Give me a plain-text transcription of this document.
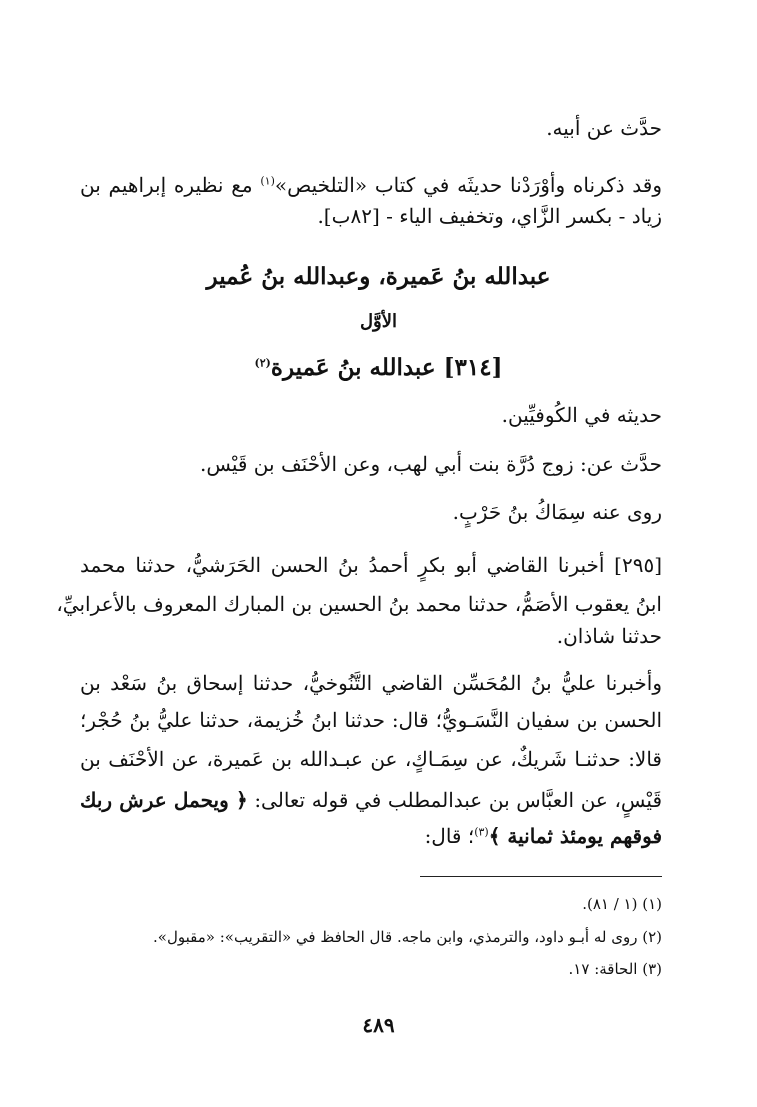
حدَّث عن أبيه.
وقد ذكرناه وأوْرَدْنا حديثَه في كتاب «التلخيص»$^{(١)}$ مع نظيره إبراهيم بن
زياد - بكسر الزَّاي، وتخفيف الياء - [٨٢ب].
عبدالله بنُ عَميرة، وعبدالله بنُ عُمير
الأوَّل
[٣١٤] عبدالله بنُ عَميرة$^{(٢)}$
حديثه في الكُوفيِّين.
حدَّث عن: زوج دُرَّة بنت أبي لهب، وعن الأحْنَف بن قَيْس.
روى عنه سِمَاكُ بنُ حَرْبٍ.
[٢٩٥] أخبرنا القاضي أبو بكرٍ أحمدُ بنُ الحسن الحَرَشيُّ، حدثنا محمد
ابنُ يعقوب الأصَمُّ، حدثنا محمد بنُ الحسين بن المبارك المعروف بالأعرابيِّ،
حدثنا شاذان.
وأخبرنا عليُّ بنُ المُحَسِّن القاضي التَّنُوخيُّ، حدثنا إسحاق بنُ سَعْد بن
الحسن بن سفيان النَّسَـويُّ؛ قال: حدثنا ابنُ خُزيمة، حدثنا عليُّ بنُ حُجْر؛
قالا: حدثنـا شَريكٌ، عن سِمَـاكٍ، عن عبـدالله بن عَميرة، عن الأحْنَف بن
قَيْسٍ، عن العبَّاس بن عبدالمطلب في قوله تعالى: ﴿ ويحمل عرش ربك
فوقهم يومئذ ثمانية ﴾$^{(٣)}$؛ قال:
(١) (١ / ٨١).
(٢) روى له أبـو داود، والترمذي، وابن ماجه. قال الحافظ في «التقريب»: «مقبول».
(٣) الحاقة: ١٧.
٤٨٩
